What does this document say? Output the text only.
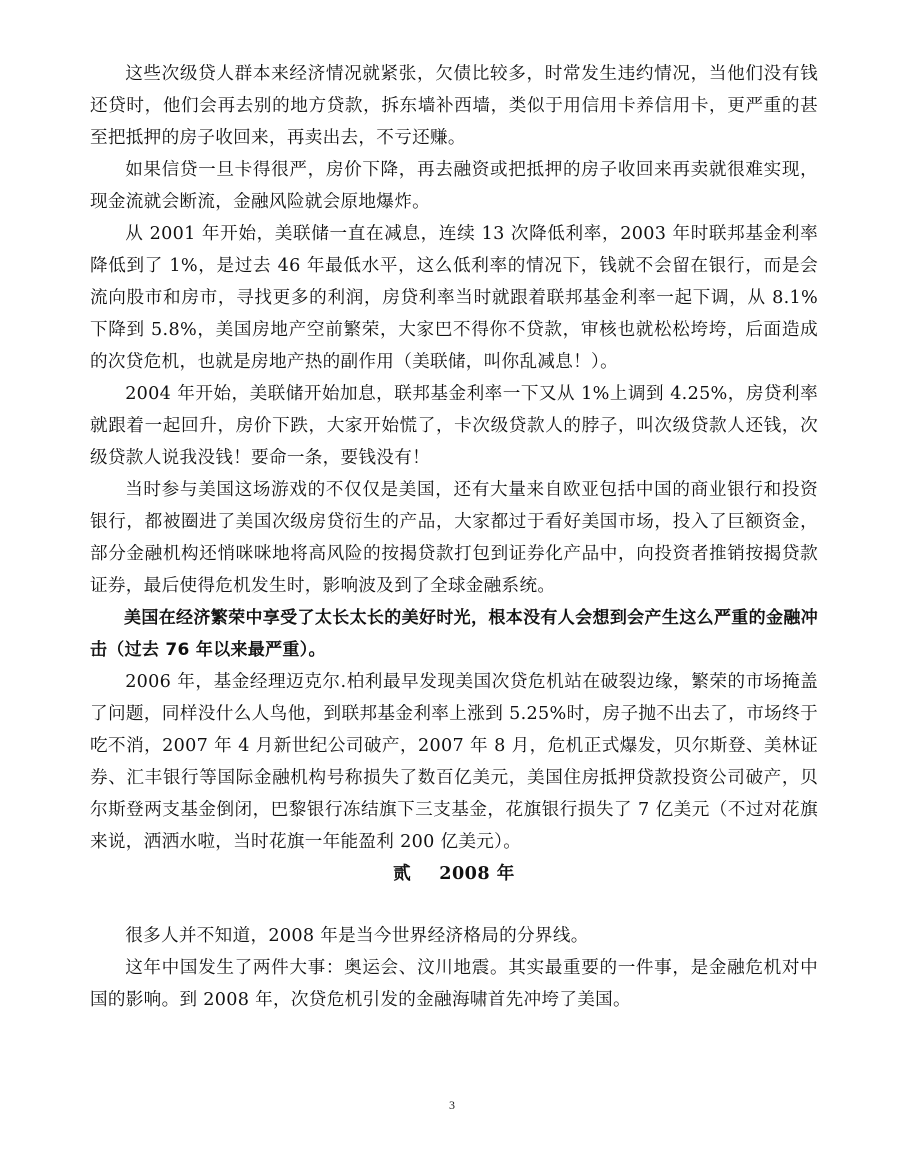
这些次级贷人群本来经济情况就紧张，欠债比较多，时常发生违约情况，当他们没有钱还贷时，他们会再去别的地方贷款，拆东墙补西墙，类似于用信用卡养信用卡，更严重的甚至把抵押的房子收回来，再卖出去，不亏还赚。

如果信贷一旦卡得很严，房价下降，再去融资或把抵押的房子收回来再卖就很难实现，现金流就会断流，金融风险就会原地爆炸。

从 2001 年开始，美联储一直在减息，连续 13 次降低利率，2003 年时联邦基金利率降低到了 1%，是过去 46 年最低水平，这么低利率的情况下，钱就不会留在银行，而是会流向股市和房市，寻找更多的利润，房贷利率当时就跟着联邦基金利率一起下调，从 8.1%下降到 5.8%，美国房地产空前繁荣，大家巴不得你不贷款，审核也就松松垮垮，后面造成的次贷危机，也就是房地产热的副作用（美联储，叫你乱减息！）。

2004 年开始，美联储开始加息，联邦基金利率一下又从 1%上调到 4.25%，房贷利率就跟着一起回升，房价下跌，大家开始慌了，卡次级贷款人的脖子，叫次级贷款人还钱，次级贷款人说我没钱！要命一条，要钱没有！

当时参与美国这场游戏的不仅仅是美国，还有大量来自欧亚包括中国的商业银行和投资银行，都被圈进了美国次级房贷衍生的产品，大家都过于看好美国市场，投入了巨额资金，部分金融机构还悄咪咪地将高风险的按揭贷款打包到证券化产品中，向投资者推销按揭贷款证券，最后使得危机发生时，影响波及到了全球金融系统。

美国在经济繁荣中享受了太长太长的美好时光，根本没有人会想到会产生这么严重的金融冲击（过去 76 年以来最严重）。

2006 年，基金经理迈克尔.柏利最早发现美国次贷危机站在破裂边缘，繁荣的市场掩盖了问题，同样没什么人鸟他，到联邦基金利率上涨到 5.25%时，房子抛不出去了，市场终于吃不消，2007 年 4 月新世纪公司破产，2007 年 8 月，危机正式爆发，贝尔斯登、美林证券、汇丰银行等国际金融机构号称损失了数百亿美元，美国住房抵押贷款投资公司破产，贝尔斯登两支基金倒闭，巴黎银行冻结旗下三支基金，花旗银行损失了 7 亿美元（不过对花旗来说，洒洒水啦，当时花旗一年能盈利 200 亿美元）。

贰 2008 年

很多人并不知道，2008 年是当今世界经济格局的分界线。

这年中国发生了两件大事：奥运会、汶川地震。其实最重要的一件事，是金融危机对中国的影响。到 2008 年，次贷危机引发的金融海啸首先冲垮了美国。

3
